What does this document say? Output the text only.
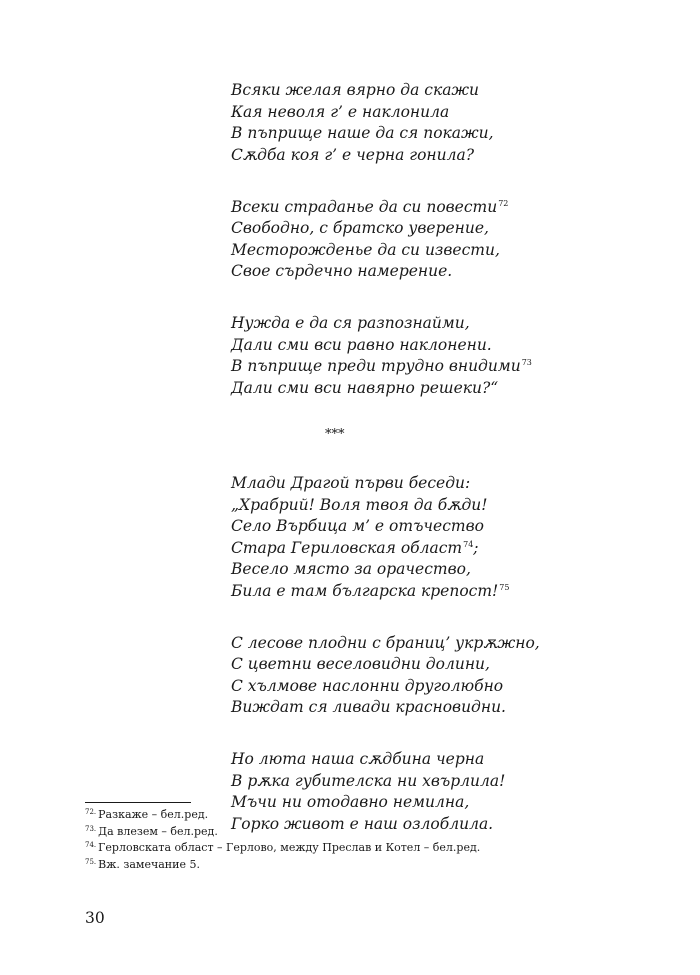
Всяки желая вярно да скажи
Кая неволя г’ е наклонила
В пъприще наше да ся покажи,
Сѫдба коя г’ е черна гонила?
Всеки страданье да си повести$^{72}$
Свободно, с братско уверение,
Месторожденье да си извести,
Свое сърдечно намерение.
Нужда е да ся разпознайми,
Дали сми вси равно наклонени.
В пъприще преди трудно внидими$^{73}$
Дали сми вси навярно решеки?“
***
Млади Драгой първи беседи:
„Храбрий! Воля твоя да бѫди!
Село Върбица м’ е отъчество
Стара Гериловская област$^{74}$;
Весело място за орачество,
Била е там българска крепост!$^{75}$
С лесове плодни с браниц’ укрѫжно,
С цветни веселовидни долини,
С хълмове наслонни друголюбно
Виждат ся ливади красновидни.
Но люта наша сѫдбина черна
В рѫка губителска ни хвърлила!
Мъчи ни отодавно немилна,
Горко живот е наш озлоблила.
$^{72.}$ Разкаже – бел.ред.
$^{73.}$ Да влезем – бел.ред.
$^{74.}$ Герловската област – Герлово, между Преслав и Котел – бел.ред.
$^{75.}$ Вж. замечание 5.
30
